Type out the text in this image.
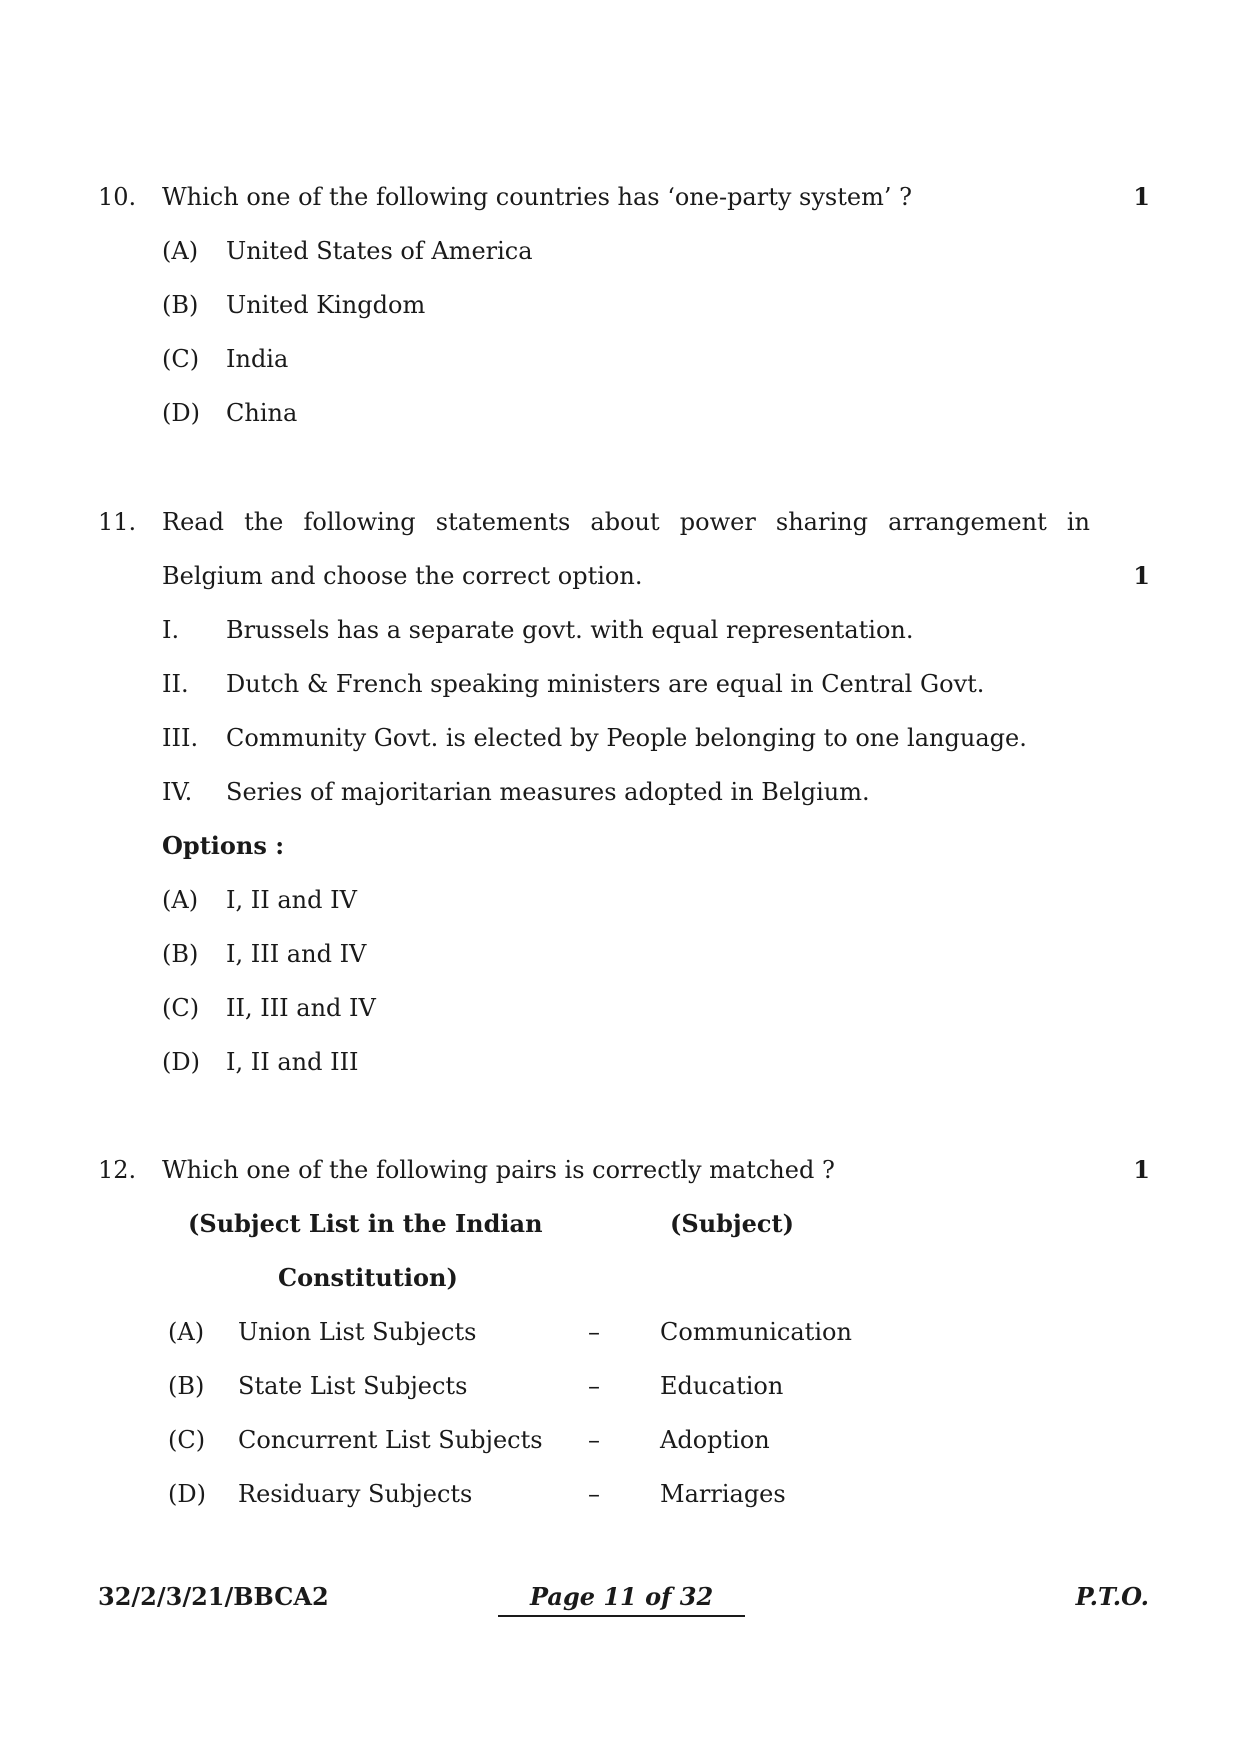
10. Which one of the following countries has ‘one-party system’ ?	1
(A) United States of America
(B) United Kingdom
(C) India
(D) China
11. Read the following statements about power sharing arrangement in
Belgium and choose the correct option.	1
I. Brussels has a separate govt. with equal representation.
II. Dutch & French speaking ministers are equal in Central Govt.
III. Community Govt. is elected by People belonging to one language.
IV. Series of majoritarian measures adopted in Belgium.
Options :
(A) I, II and IV
(B) I, III and IV
(C) II, III and IV
(D) I, II and III
12. Which one of the following pairs is correctly matched ?	1
(Subject List in the Indian	(Subject)
Constitution)
(A) Union List Subjects	–	Communication
(B) State List Subjects	–	Education
(C) Concurrent List Subjects –	Adoption
(D) Residuary Subjects	–	Marriages
32/2/3/21/BBCA2	Page 11 of 32	P.T.O.
